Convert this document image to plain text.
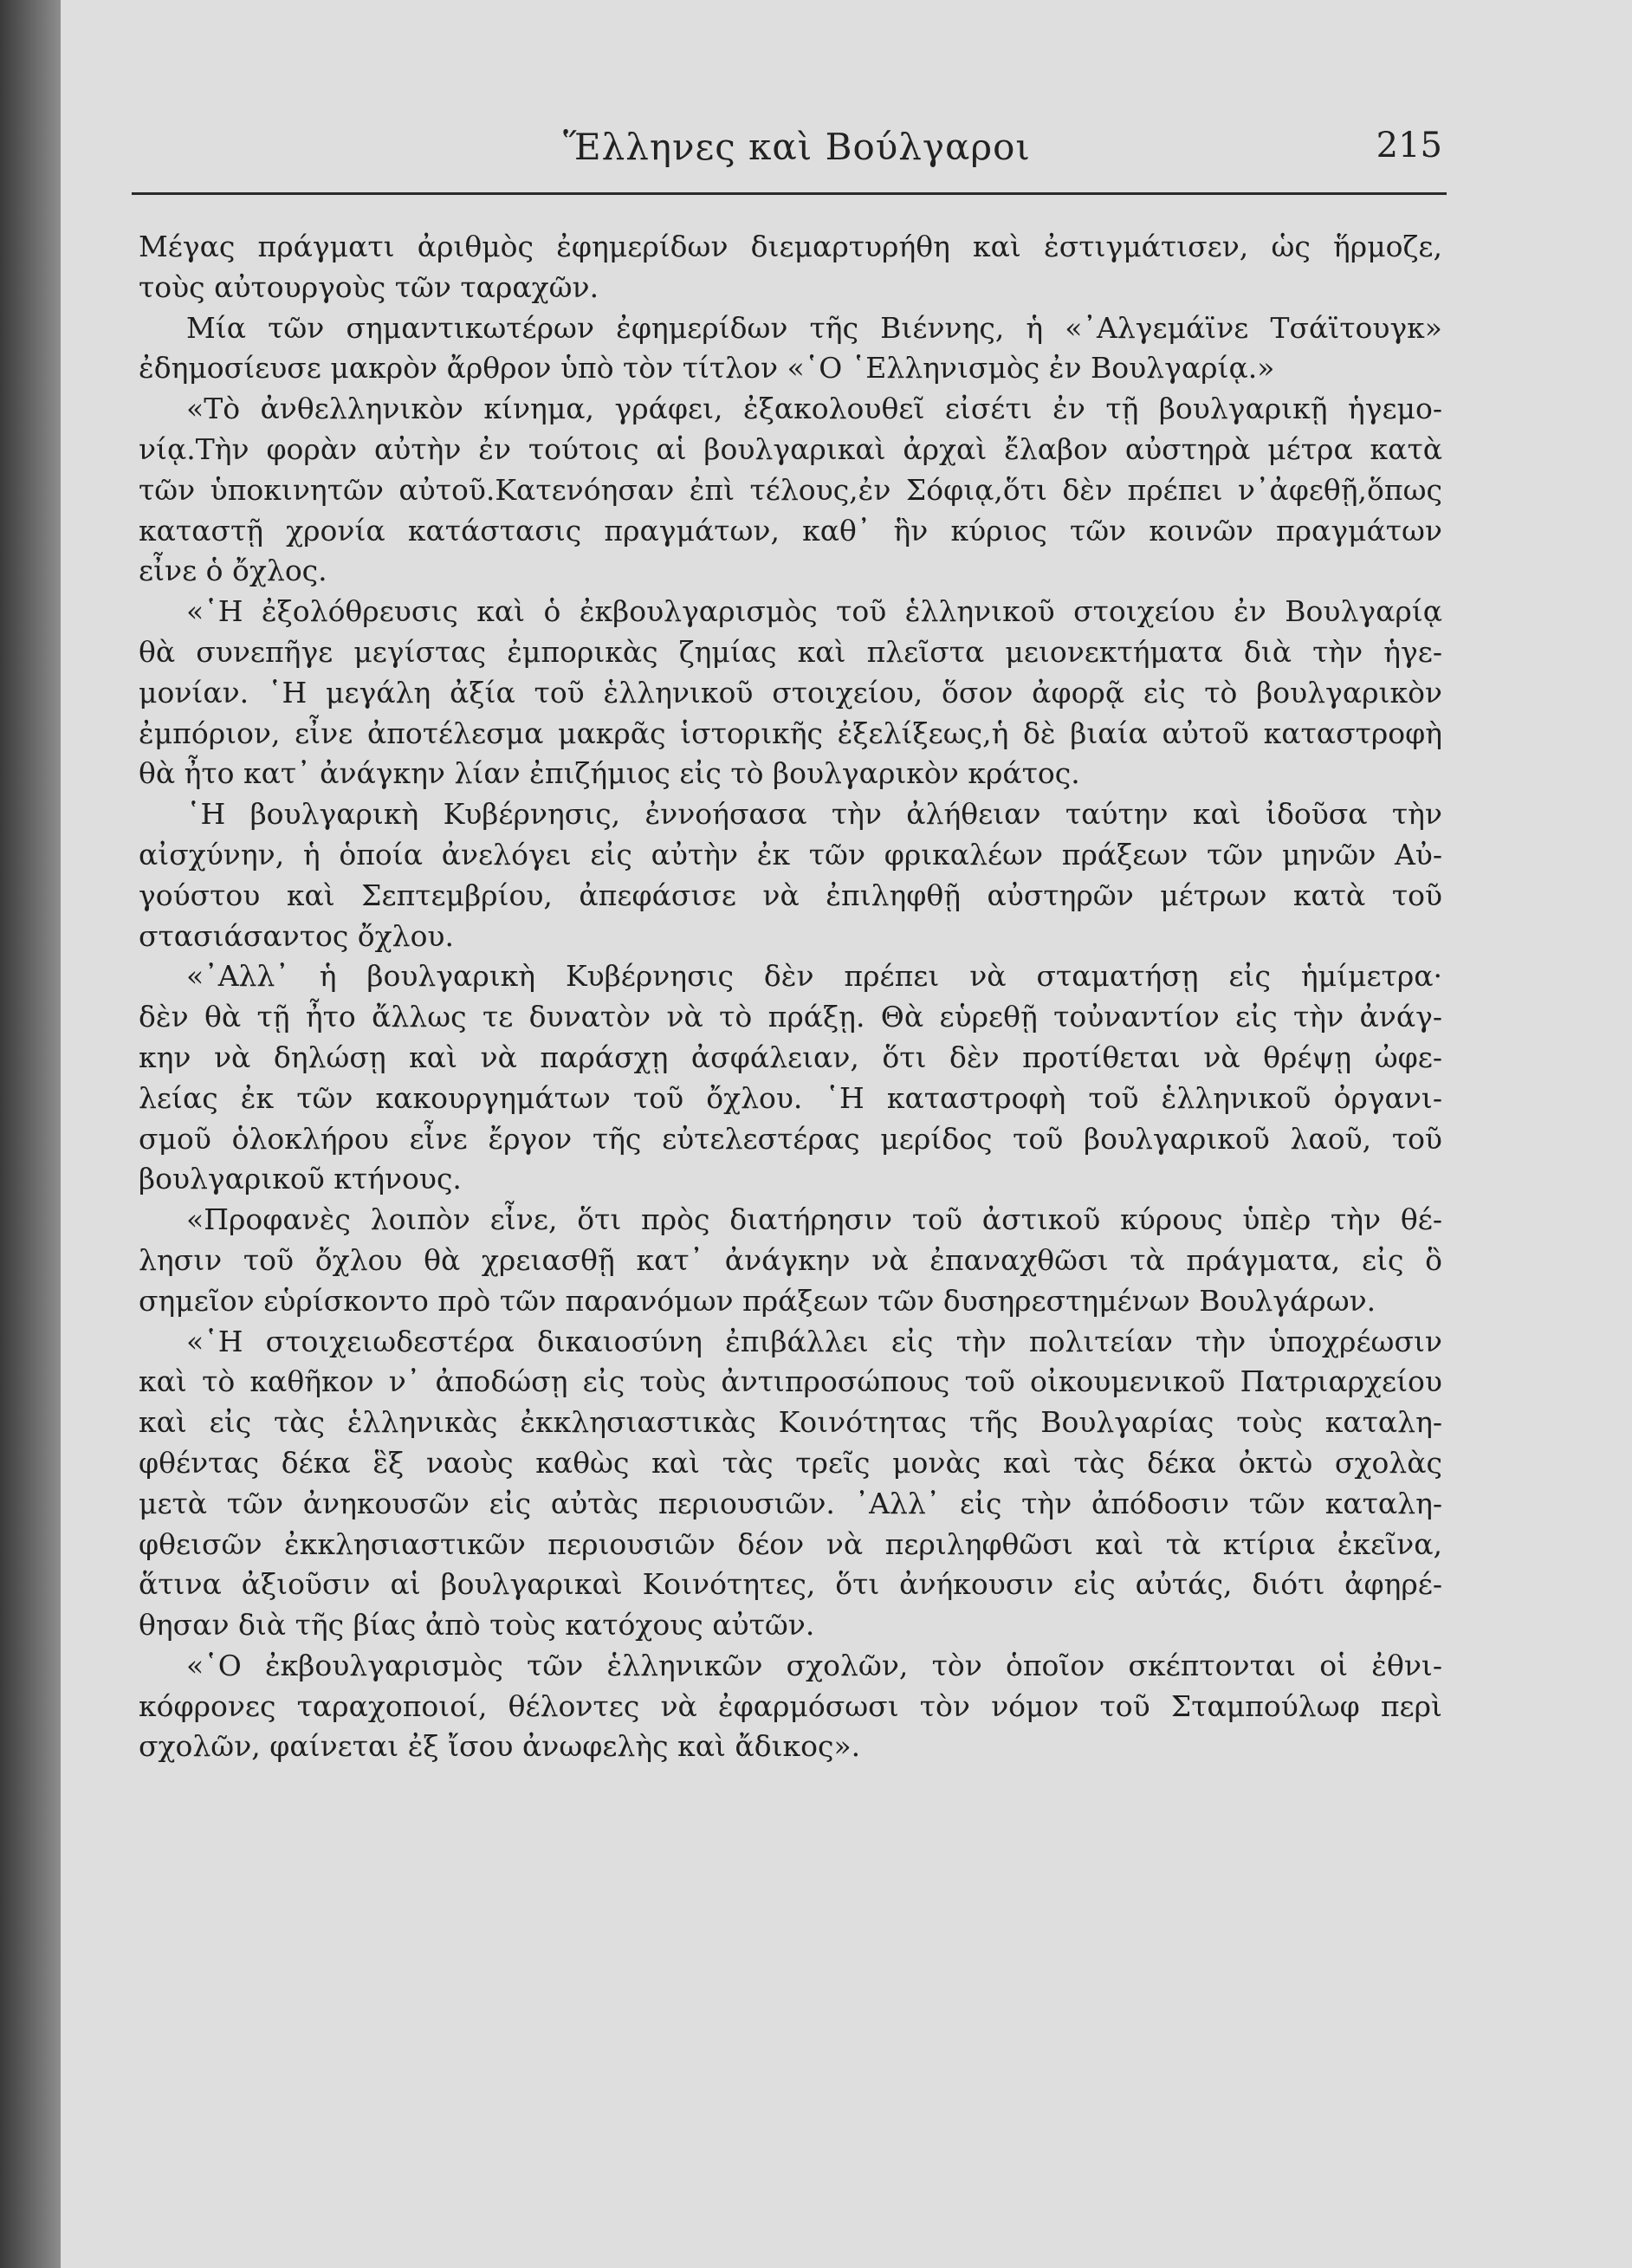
Ἕλληνες καὶ Βούλγαροι	215
Μέγας πράγματι ἀριθμὸς ἐφημερίδων διεμαρτυρήθη καὶ ἐστιγμάτισεν, ὡς ἥρμοζε,
τοὺς αὐτουργοὺς τῶν ταραχῶν.
Μία τῶν σημαντικωτέρων ἐφημερίδων τῆς Βιέννης, ἡ «᾿Αλγεμάϊνε Τσάϊτουγκ»
ἐδημοσίευσε μακρὸν ἄρθρον ὑπὸ τὸν τίτλον «῾Ο ῾Ελληνισμὸς ἐν Βουλγαρίᾳ.»
«Τὸ ἀνθελληνικὸν κίνημα, γράφει, ἐξακολουθεῖ εἰσέτι ἐν τῇ βουλγαρικῇ ἡγεμο-
νίᾳ.Τὴν φορὰν αὐτὴν ἐν τούτοις αἱ βουλγαρικαὶ ἀρχαὶ ἔλαβον αὐστηρὰ μέτρα κατὰ
τῶν ὑποκινητῶν αὐτοῦ.Κατενόησαν ἐπὶ τέλους,ἐν Σόφιᾳ,ὅτι δὲν πρέπει ν᾿ἀφεθῇ,ὅπως
καταστῇ χρονία κατάστασις πραγμάτων, καθ᾿ ἣν κύριος τῶν κοινῶν πραγμάτων
εἶνε ὁ ὄχλος.
«῾Η ἐξολόθρευσις καὶ ὁ ἐκβουλγαρισμὸς τοῦ ἑλληνικοῦ στοιχείου ἐν Βουλγαρίᾳ
θὰ συνεπῆγε μεγίστας ἐμπορικὰς ζημίας καὶ πλεῖστα μειονεκτήματα διὰ τὴν ἡγε-
μονίαν. ῾Η μεγάλη ἀξία τοῦ ἑλληνικοῦ στοιχείου, ὅσον ἀφορᾷ εἰς τὸ βουλγαρικὸν
ἐμπόριον, εἶνε ἀποτέλεσμα μακρᾶς ἱστορικῆς ἐξελίξεως,ἡ δὲ βιαία αὐτοῦ καταστροφὴ
θὰ ἦτο κατ᾿ ἀνάγκην λίαν ἐπιζήμιος εἰς τὸ βουλγαρικὸν κράτος.
῾Η βουλγαρικὴ Κυβέρνησις, ἐννοήσασα τὴν ἀλήθειαν ταύτην καὶ ἰδοῦσα τὴν
αἰσχύνην, ἡ ὁποία ἀνελόγει εἰς αὐτὴν ἐκ τῶν φρικαλέων πράξεων τῶν μηνῶν Αὐ-
γούστου καὶ Σεπτεμβρίου, ἀπεφάσισε νὰ ἐπιληφθῇ αὐστηρῶν μέτρων κατὰ τοῦ
στασιάσαντος ὄχλου.
«᾿Αλλ᾿ ἡ βουλγαρικὴ Κυβέρνησις δὲν πρέπει νὰ σταματήσῃ εἰς ἡμίμετρα·
δὲν θὰ τῇ ἦτο ἄλλως τε δυνατὸν νὰ τὸ πράξῃ. Θὰ εὑρεθῇ τοὐναντίον εἰς τὴν ἀνάγ-
κην νὰ δηλώσῃ καὶ νὰ παράσχῃ ἀσφάλειαν, ὅτι δὲν προτίθεται νὰ θρέψῃ ὠφε-
λείας ἐκ τῶν κακουργημάτων τοῦ ὄχλου. ῾Η καταστροφὴ τοῦ ἑλληνικοῦ ὀργανι-
σμοῦ ὁλοκλήρου εἶνε ἔργον τῆς εὐτελεστέρας μερίδος τοῦ βουλγαρικοῦ λαοῦ, τοῦ
βουλγαρικοῦ κτήνους.
«Προφανὲς λοιπὸν εἶνε, ὅτι πρὸς διατήρησιν τοῦ ἀστικοῦ κύρους ὑπὲρ τὴν θέ-
λησιν τοῦ ὄχλου θὰ χρειασθῇ κατ᾿ ἀνάγκην νὰ ἐπαναχθῶσι τὰ πράγματα, εἰς ὃ
σημεῖον εὑρίσκοντο πρὸ τῶν παρανόμων πράξεων τῶν δυσηρεστημένων Βουλγάρων.
«῾Η στοιχειωδεστέρα δικαιοσύνη ἐπιβάλλει εἰς τὴν πολιτείαν τὴν ὑποχρέωσιν
καὶ τὸ καθῆκον ν᾿ ἀποδώσῃ εἰς τοὺς ἀντιπροσώπους τοῦ οἰκουμενικοῦ Πατριαρχείου
καὶ εἰς τὰς ἑλληνικὰς ἐκκλησιαστικὰς Κοινότητας τῆς Βουλγαρίας τοὺς καταλη-
φθέντας δέκα ἓξ ναοὺς καθὼς καὶ τὰς τρεῖς μονὰς καὶ τὰς δέκα ὀκτὼ σχολὰς
μετὰ τῶν ἀνηκουσῶν εἰς αὐτὰς περιουσιῶν. ᾿Αλλ᾿ εἰς τὴν ἀπόδοσιν τῶν καταλη-
φθεισῶν ἐκκλησιαστικῶν περιουσιῶν δέον νὰ περιληφθῶσι καὶ τὰ κτίρια ἐκεῖνα,
ἅτινα ἀξιοῦσιν αἱ βουλγαρικαὶ Κοινότητες, ὅτι ἀνήκουσιν εἰς αὐτάς, διότι ἀφηρέ-
θησαν διὰ τῆς βίας ἀπὸ τοὺς κατόχους αὐτῶν.
«῾Ο ἐκβουλγαρισμὸς τῶν ἑλληνικῶν σχολῶν, τὸν ὁποῖον σκέπτονται οἱ ἐθνι-
κόφρονες ταραχοποιοί, θέλοντες νὰ ἐφαρμόσωσι τὸν νόμον τοῦ Σταμπούλωφ περὶ
σχολῶν, φαίνεται ἐξ ἴσου ἀνωφελὴς καὶ ἄδικος».
